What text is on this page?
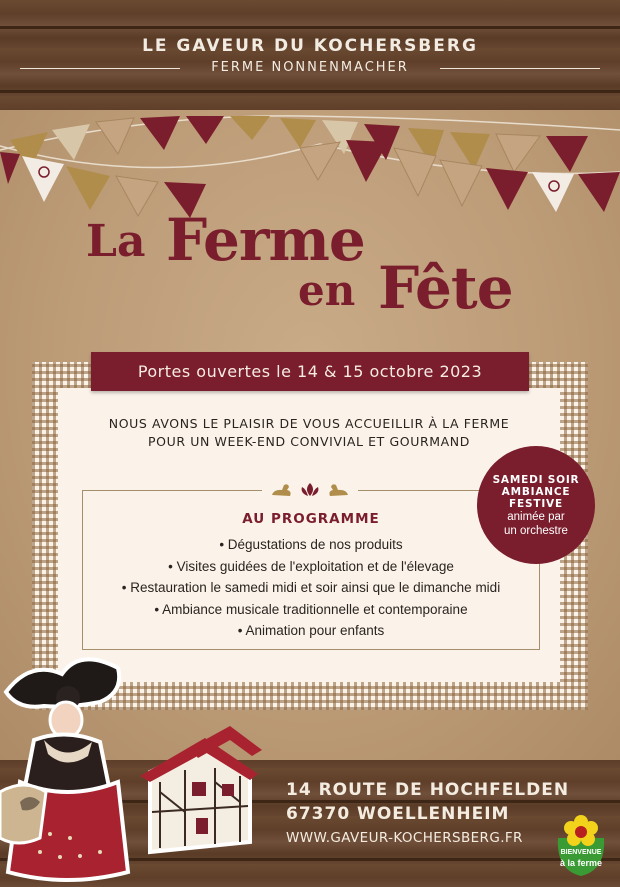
LE GAVEUR DU KOCHERSBERG
FERME NONNENMACHER
La Ferme
en Fête
Portes ouvertes le 14 & 15 octobre 2023
NOUS AVONS LE PLAISIR DE VOUS ACCUEILLIR À LA FERME
POUR UN WEEK-END CONVIVIAL ET GOURMAND
AU PROGRAMME
• Dégustations de nos produits
• Visites guidées de l'exploitation et de l'élevage
• Restauration le samedi midi et soir ainsi que le dimanche midi
• Ambiance musicale traditionnelle et contemporaine
• Animation pour enfants
SAMEDI SOIR
AMBIANCE
FESTIVE
animée par
un orchestre
14 ROUTE DE HOCHFELDEN
67370 WOELLENHEIM
WWW.GAVEUR-KOCHERSBERG.FR
BIENVENUE
à la ferme
